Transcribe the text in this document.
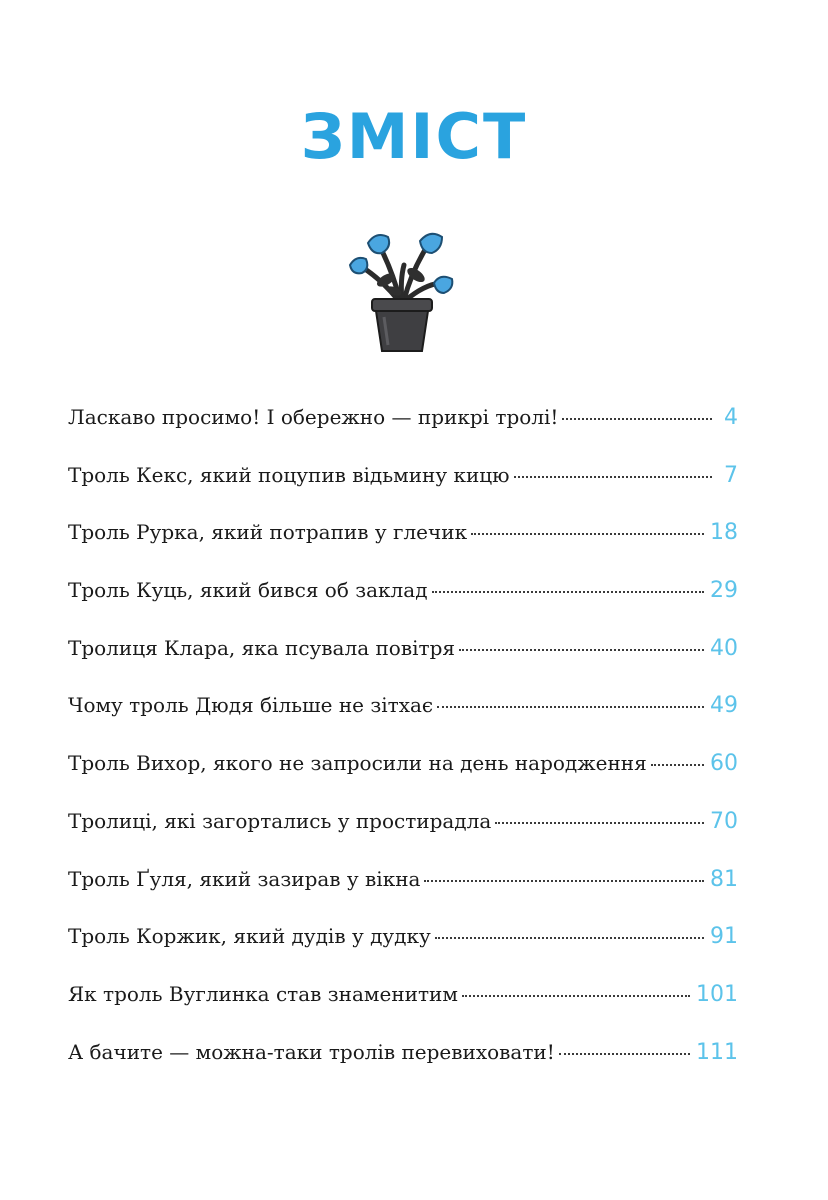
ЗМІСТ
Ласкаво просимо! І обережно — прикрі тролі!	4
Троль Кекс, який поцупив відьмину кицю	7
Троль Рурка, який потрапив у глечик	18
Троль Куць, який бився об заклад	29
Тролиця Клара, яка псувала повітря	40
Чому троль Дюдя більше не зітхає	49
Троль Вихор, якого не запросили на день народження	60
Тролиці, які загортались у простирадла	70
Троль Ґуля, який зазирав у вікна	81
Троль Коржик, який дудів у дудку	91
Як троль Вуглинка став знаменитим	101
А бачите — можна-таки тролів перевиховати!	111
